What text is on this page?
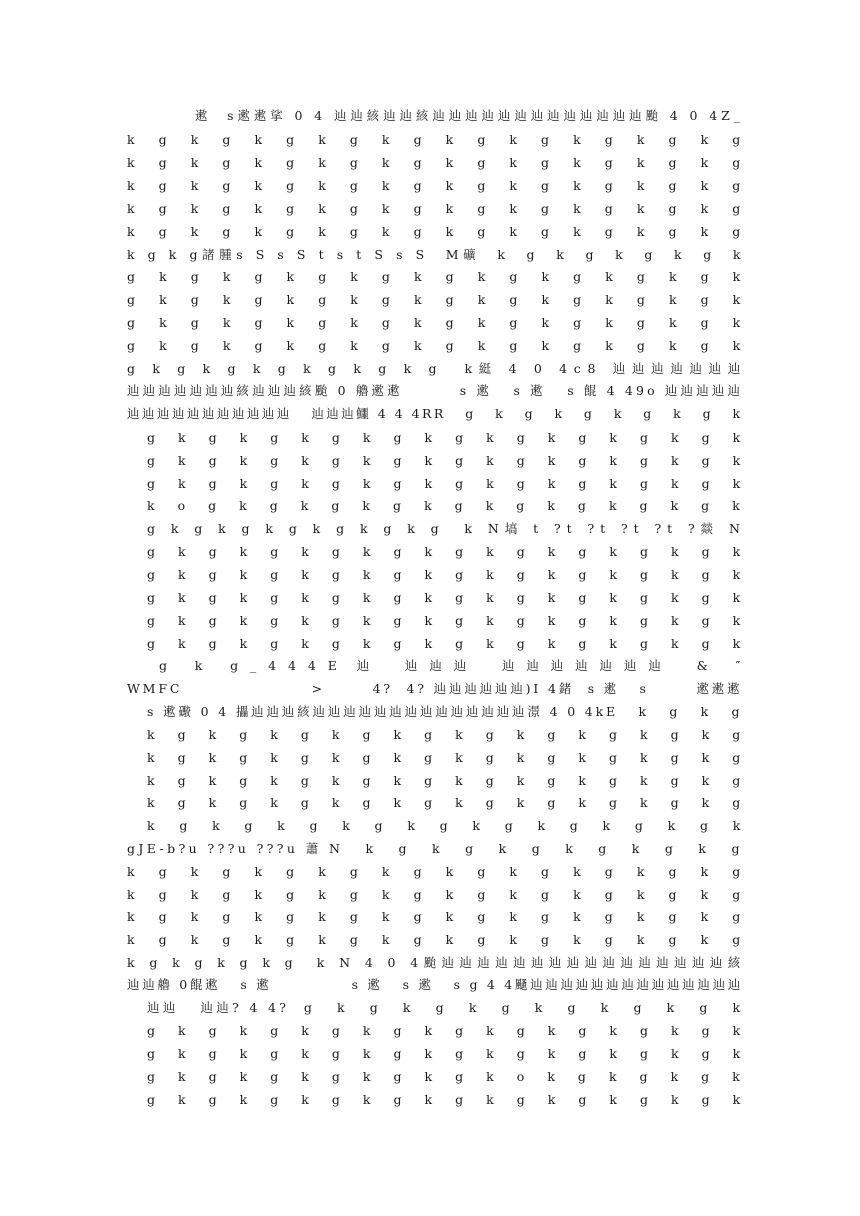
遬  s遬遬挲 0 4 辿辿絯辿辿絯辿辿辿辿辿辿辿辿辿辿辿辿辿颱 4 0 4Z_
k g k g k g k g k g k g k g k g k g k g
k g k g k g k g k g k g k g k g k g k g
k g k g k g k g k g k g k g k g k g k g
k g k g k g k g k g k g k g k g k g k g
k g k g k g k g k g k g k g k g k g k g
k g k g諸腫s S s S t s t S s S  M礦  k  g  k  g  k  g  k  g  k
g k g k g k g k g k g k g k g k g k g k
g k g k g k g k g k g k g k g k g k g k
g k g k g k g k g k g k g k g k g k g k
g k g k g k g k g k g k g k g k g k g k
g k g k g k g k g k g k g  k綎 4 0 4c8 辿辿辿辿辿辿辿
辿辿辿辿辿辿辿絯辿辿辿絯颱 0 艪遬遬        s 遬   s 遬   s 餛 4 49o 辿辿辿辿辿
辿辿辿辿辿辿辿辿辿辿辿   辿辿辿鱷 4 4 4RR   g   k   g   k   g   k   g   k   g   k
g k g k g k g k g k g k g k g k g k g k
g k g k g k g k g k g k g k g k g k g k
g k g k g k g k g k g k g k g k g k g k
k o g k g k g k g k g k g k g k g k g k
g k g k g k g k g k g k g  k N塙 t ?t ?t ?t ?t ?燚 N
g k g k g k g k g k g k g k g k g k g k
g k g k g k g k g k g k g k g k g k g k
g k g k g k g k g k g k g k g k g k g k
g k g k g k g k g k g k g k g k g k g k
g k g k g k g k g k g k g k g k g k g k
g   k   g _ 4 4 4 E  辿    辿 辿 辿    辿 辿 辿 辿 辿 辿 辿    &   ″
WMFC                   >       4?  4? 辿辿辿辿辿辿)I 4鍺  s 遬   s       遬遬遬
s 遬礮 0 4 攂辿辿辿絯辿辿辿辿辿辿辿辿辿辿辿辿辿辿澋 4 0 4kE   k   g   k   g
k g k g k g k g k g k g k g k g k g k g
k g k g k g k g k g k g k g k g k g k g
k g k g k g k g k g k g k g k g k g k g
k g k g k g k g k g k g k g k g k g k g
k g k g k g k g k g k g k g k g k g k
gJE-b?u ???u ???u 蕭 N   k   g   k   g   k   g   k   g   k   g   k   g
k g k g k g k g k g k g k g k g k g k g
k g k g k g k g k g k g k g k g k g k g
k g k g k g k g k g k g k g k g k g k g
k g k g k g k g k g k g k g k g k g k g
k g k g k g k g  k N 4 0 4颱辿辿辿辿辿辿辿辿辿辿辿辿辿辿辿辿絯
辿辿艪 0餛遬   s 遬            s 遬   s 遬   s g 4 4颾辿辿辿辿辿辿辿辿辿辿辿辿辿辿
辿辿   辿辿? 4 4?  g   k   g   k   g   k   g   k   g   k   g   k   g   k
g k g k g k g k g k g k g k g k g k g k
g k g k g k g k g k g k g k g k g k g k
g k g k g k g k g k g k o k g k g k g k
g k g k g k g k g k g k g k g k g k g k
